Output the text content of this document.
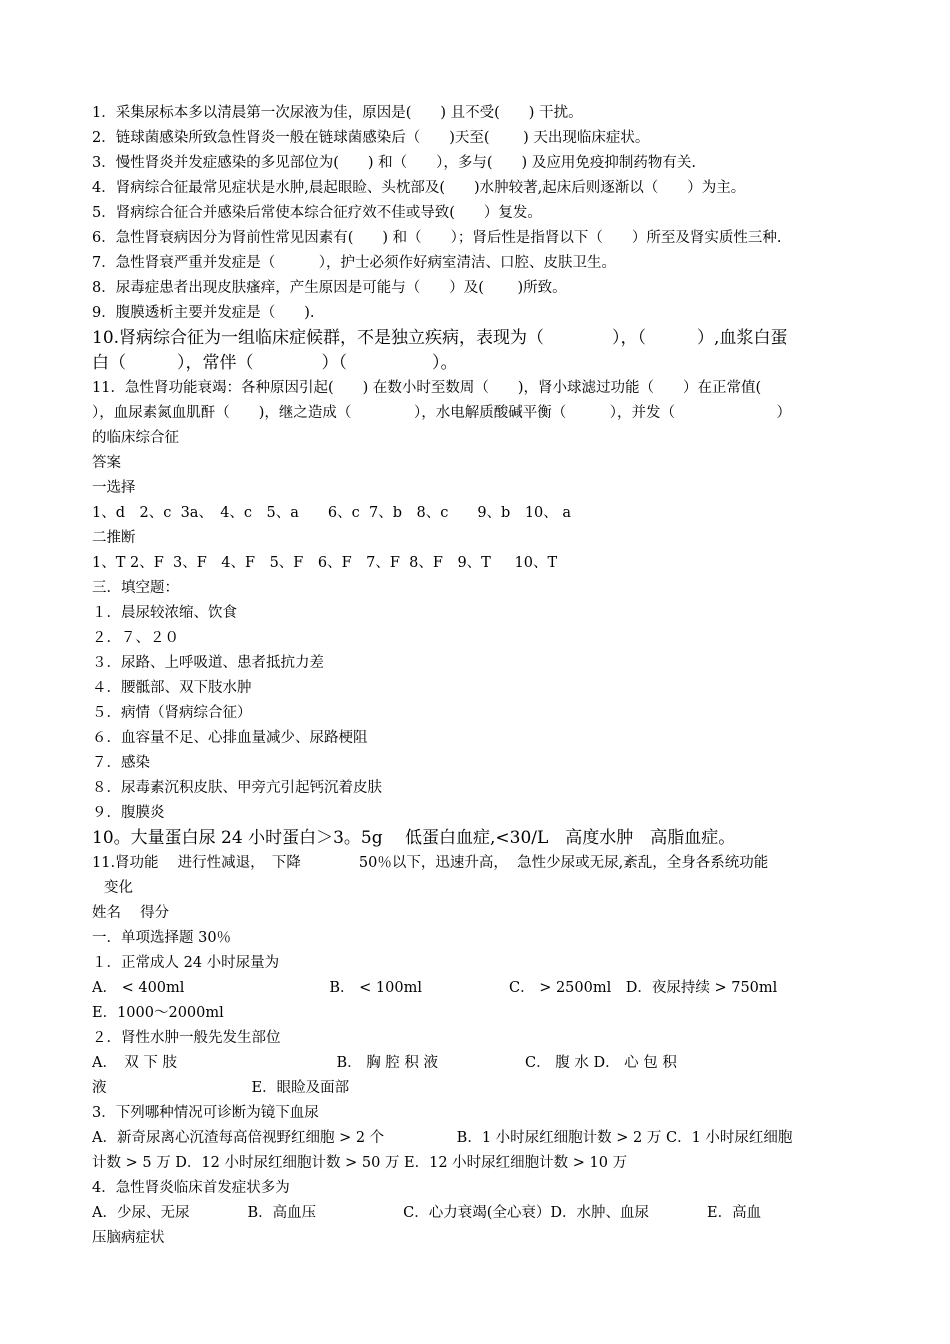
1．采集尿标本多以清晨第一次尿液为佳，原因是(　　) 且不受(　　) 干扰。
2．链球菌感染所致急性肾炎一般在链球菌感染后（　　)天至(　　 ) 天出现临床症状。
3．慢性肾炎并发症感染的多见部位为(　　) 和（　　），多与(　　) 及应用免疫抑制药物有关.
4．肾病综合征最常见症状是水肿,晨起眼睑、头枕部及(　　)水肿较著,起床后则逐渐以（　　）为主。
5．肾病综合征合并感染后常使本综合征疗效不佳或导致(　　）复发。
6．急性肾衰病因分为肾前性常见因素有(　　) 和（　　）；肾后性是指肾以下（　　）所至及肾实质性三种.
7．急性肾衰严重并发症是（　　　），护士必须作好病室清洁、口腔、皮肤卫生。
8．尿毒症患者出现皮肤瘙痒，产生原因是可能与（　　）及(　　 )所致。
9．腹膜透析主要并发症是（　　).
10.肾病综合征为一组临床症候群，不是独立疾病，表现为（　　　　），（　　　）,血浆白蛋
白（　　　），常伴（　　　　）（　　　　　）。
11．急性肾功能衰竭：各种原因引起(　　) 在数小时至数周（　　)，肾小球滤过功能（　　）在正常值(
），血尿素氮血肌酐（　　)，继之造成（　　　　 ），水电解质酸碱平衡（　　　），并发（　　　　　　　）
的临床综合征
答案
一选择
1、d　2、c  3a、　4、c　5、a　　6、c  7、b　8、c　　9、b　10、 a
二推断
1、T 2、F  3、F　4、F　5、F　6、F　7、F  8、F　9、T　  10、T
三．填空题：
１．晨尿较浓缩、饮食
２．７、２０
３．尿路、上呼吸道、患者抵抗力差
４．腰骶部、双下肢水肿
５．病情（肾病综合征）
６．血容量不足、心排血量减少、尿路梗阻
７．感染
８．尿毒素沉积皮肤、甲旁亢引起钙沉着皮肤
９．腹膜炎
10。大量蛋白尿 24 小时蛋白＞3。5g　 低蛋白血症,<30/L　高度水肿　高脂血症。
11.肾功能　 进行性减退，　下降　　　　50％以下，迅速升高，  急性少尿或无尿,紊乱，全身各系统功能
变化
姓名　 得分
一．单项选择题 30％
１．正常成人 24 小时尿量为
A． < 400ml　　　　　　　　　　B． < 100ml　　　　　　C． > 2500ml　D．夜尿持续 > 750ml
E．1000～2000ml
２．肾性水肿一般先发生部位
A．　双 下 肢　　　　　　　　　　　B． 胸 腔 积 液　　　　　　C． 腹 水 D． 心 包 积
液　　　　　　　　　　E．眼睑及面部
3．下列哪种情况可诊断为镜下血尿
A．新奇尿离心沉渣每高倍视野红细胞 > 2 个　　　　　B．1 小时尿红细胞计数 > 2 万 C．1 小时尿红细胞
计数 > 5 万 D．12 小时尿红细胞计数 > 50 万 E．12 小时尿红细胞计数 > 10 万
4．急性肾炎临床首发症状多为
A．少尿、无尿　　　　B．高血压　　　　　　C．心力衰竭(全心衰）D．水肿、血尿　　　　E．高血
压脑病症状
